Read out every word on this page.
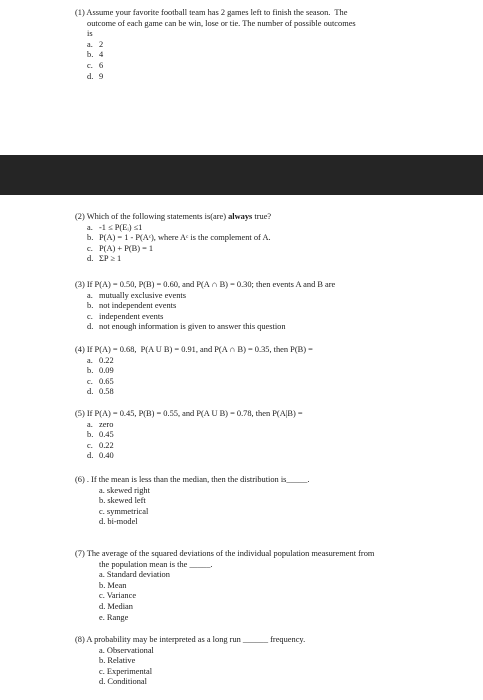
(1) Assume your favorite football team has 2 games left to finish the season.  The

outcome of each game can be win, lose or tie. The number of possible outcomes
is
a. 2
b. 4
c. 6
d. 9
(2) Which of the following statements is(are) always true?
a. -1 ≤ P(Eᵢ) ≤1
b. P(A) = 1 - P(Aᶜ), where Aᶜ is the complement of A.
c. P(A) + P(B) = 1
d. ΣP ≥ 1
(3) If P(A) = 0.50, P(B) = 0.60, and P(A ∩ B) = 0.30; then events A and B are
a. mutually exclusive events
b. not independent events
c. independent events
d. not enough information is given to answer this question
(4) If P(A) = 0.68,  P(A U B) = 0.91, and P(A ∩ B) = 0.35, then P(B) =
a. 0.22
b. 0.09
c. 0.65
d. 0.58
(5) If P(A) = 0.45, P(B) = 0.55, and P(A U B) = 0.78, then P(A|B) =
a. zero
b. 0.45
c. 0.22
d. 0.40
(6) . If the mean is less than the median, then the distribution is_____.
a. skewed right
b. skewed left
c. symmetrical
d. bi-model
(7) The average of the squared deviations of the individual population measurement from
the population mean is the _____.
a. Standard deviation
b. Mean
c. Variance
d. Median
e. Range
(8) A probability may be interpreted as a long run ______ frequency.
a. Observational
b. Relative
c. Experimental
d. Conditional
